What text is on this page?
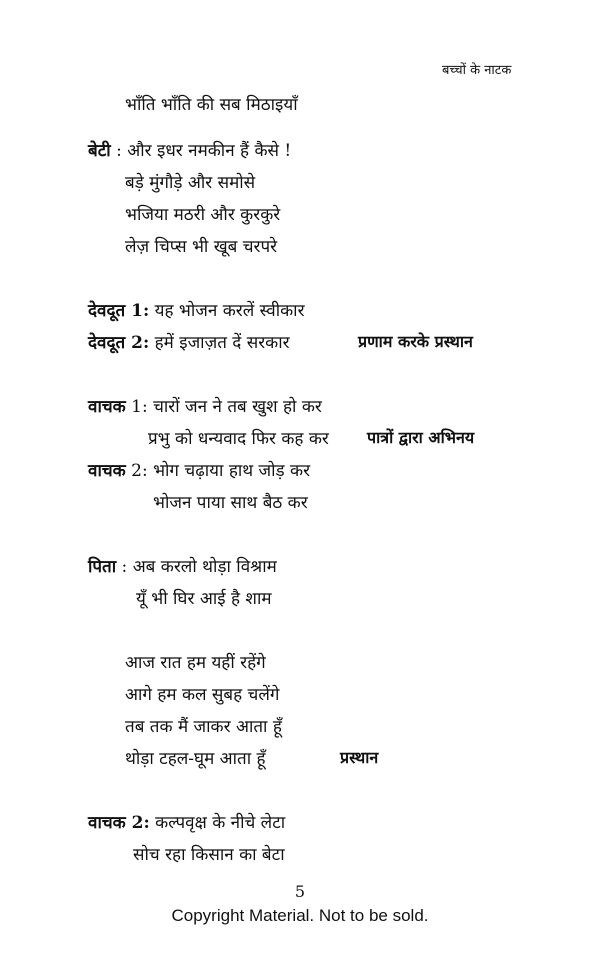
बच्चों के नाटक
भाँति भाँति की सब मिठाइयाँ
बेटी : और इधर नमकीन हैं कैसे !
बड़े मुंगौड़े और समोसे
भजिया मठरी और कुरकुरे
लेज़ चिप्स भी खूब चरपरे
देवदूत 1: यह भोजन करलें स्वीकार
देवदूत 2: हमें इजाज़त दें सरकार	प्रणाम करके प्रस्थान
वाचक 1: चारों जन ने तब खुश हो कर
प्रभु को धन्यवाद फिर कह कर पात्रों द्वारा अभिनय
वाचक 2: भोग चढ़ाया हाथ जोड़ कर
भोजन पाया साथ बैठ कर
पिता : अब करलो थोड़ा विश्राम
यूँ भी घिर आई है शाम
आज रात हम यहीं रहेंगे
आगे हम कल सुबह चलेंगे
तब तक मैं जाकर आता हूँ
थोड़ा टहल-घूम आता हूँ	प्रस्थान
वाचक 2: कल्पवृक्ष के नीचे लेटा
सोच रहा किसान का बेटा
5
Copyright Material. Not to be sold.
